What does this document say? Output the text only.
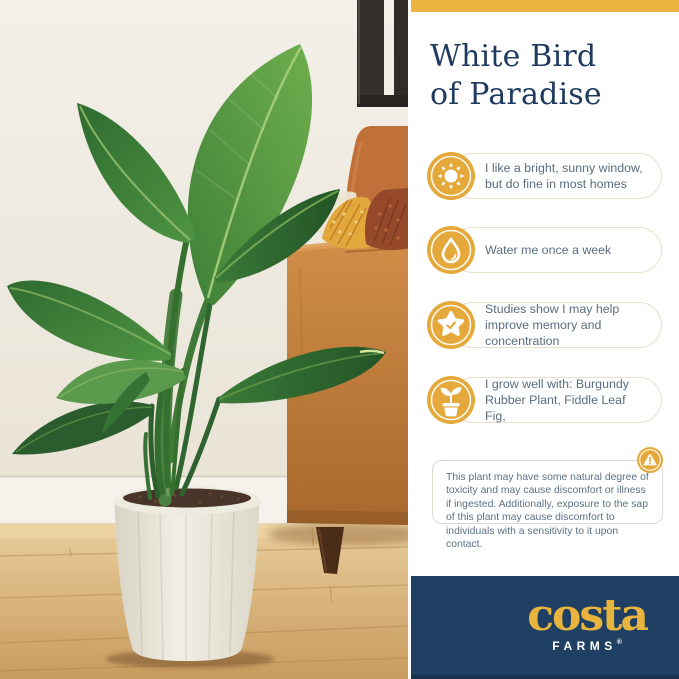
White Bird
of Paradise

I like a bright, sunny window, but do fine in most homes

Water me once a week

Studies show I may help improve memory and concentration

I grow well with: Burgundy Rubber Plant, Fiddle Leaf Fig,

This plant may have some natural degree of toxicity and may cause discomfort or illness if ingested. Additionally, exposure to the sap of this plant may cause discomfort to individuals with a sensitivity to it upon contact.

costa
FARMS®
